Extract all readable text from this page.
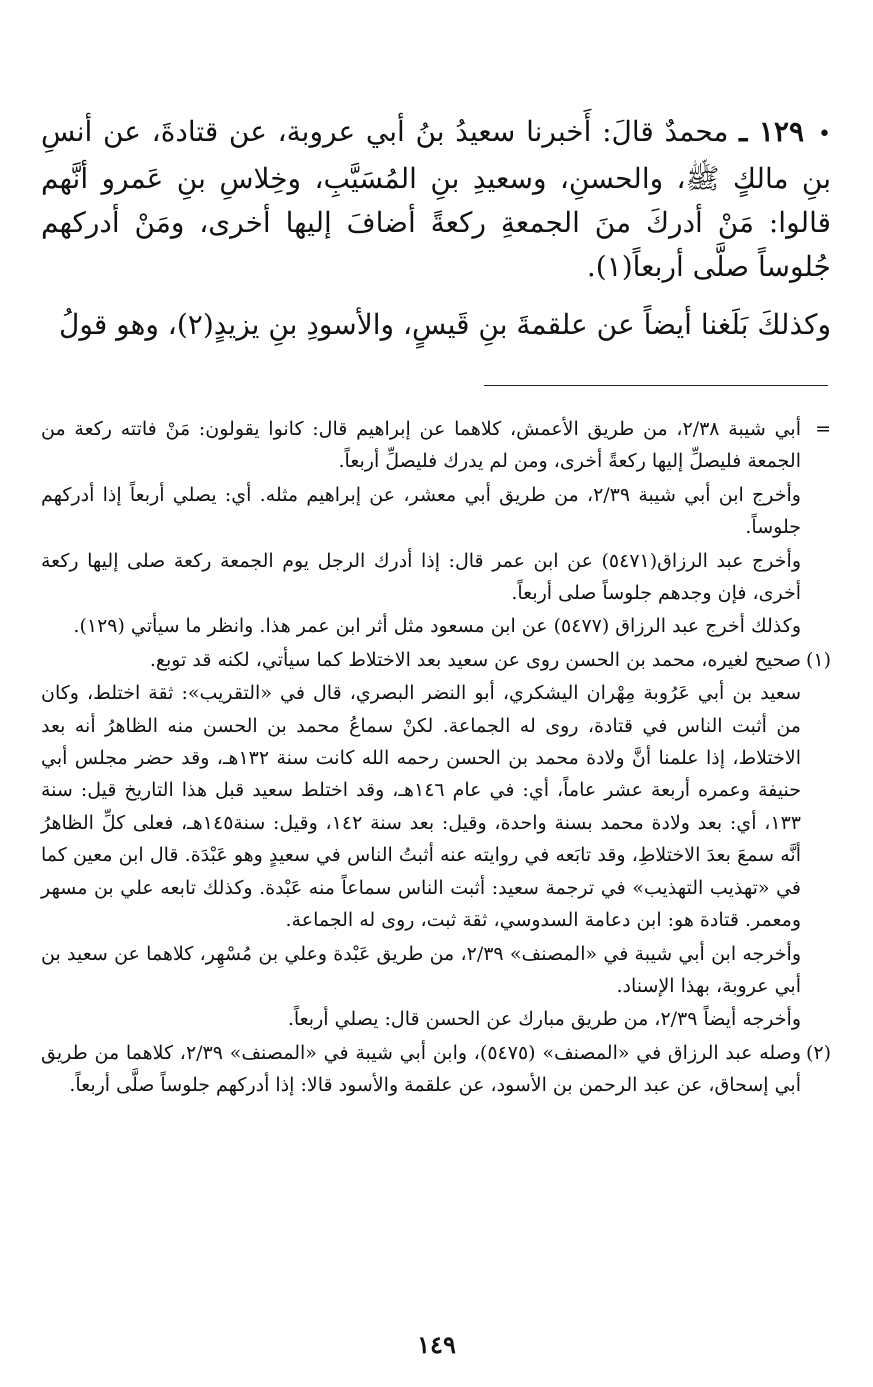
•١٢٩ ـ محمدٌ قالَ: أَخبرنا سعيدُ بنُ أبي عروبة، عن قتادةَ، عن أنسِ بنِ مالكٍ ﷺ، والحسنِ، وسعيدِ بنِ المُسَيَّبِ، وخِلاسِ بنِ عَمرو أنَّهم قالوا: مَنْ أدركَ منَ الجمعةِ ركعةً أضافَ إليها أخرى، ومَنْ أدركهم جُلوساً صلَّى أربعاً(١).

وكذلكَ بَلَغنا أيضاً عن علقمةَ بنِ قَيسٍ، والأسودِ بنِ يزيدٍ(٢)، وهو قولُ

=
أبي شيبة ٢/٣٨، من طريق الأعمش، كلاهما عن إبراهيم قال: كانوا يقولون: مَنْ فاتته ركعة من الجمعة فليصلِّ إليها ركعةً أخرى، ومن لم يدرك فليصلِّ أربعاً.

وأخرج ابن أبي شيبة ٢/٣٩، من طريق أبي معشر، عن إبراهيم مثله. أي: يصلي أربعاً إذا أدركهم جلوساً.

وأخرج عبد الرزاق(٥٤٧١) عن ابن عمر قال: إذا أدرك الرجل يوم الجمعة ركعة صلى إليها ركعة أخرى، فإن وجدهم جلوساً صلى أربعاً.

وكذلك أخرج عبد الرزاق (٥٤٧٧) عن ابن مسعود مثل أثر ابن عمر هذا. وانظر ما سيأتي (١٢٩).

(١)
صحيح لغيره، محمد بن الحسن روى عن سعيد بعد الاختلاط كما سيأتي، لكنه قد توبع.

سعيد بن أبي عَرُوبة مِهْران اليشكري، أبو النضر البصري، قال في «التقريب»: ثقة اختلط، وكان من أثبت الناس في قتادة، روى له الجماعة. لكنْ سماعُ محمد بن الحسن منه الظاهرُ أنه بعد الاختلاط، إذا علمنا أنَّ ولادة محمد بن الحسن رحمه الله كانت سنة ١٣٢هـ، وقد حضر مجلس أبي حنيفة وعمره أربعة عشر عاماً، أي: في عام ١٤٦هـ، وقد اختلط سعيد قبل هذا التاريخ قيل: سنة ١٣٣، أي: بعد ولادة محمد بسنة واحدة، وقيل: بعد سنة ١٤٢، وقيل: سنة١٤٥هـ، فعلى كلِّ الظاهرُ أنَّه سمعَ بعدَ الاختلاطِ، وقد تابَعه في روايته عنه أثبتُ الناس في سعيدٍ وهو عَبْدَة. قال ابن معين كما في «تهذيب التهذيب» في ترجمة سعيد: أثبت الناس سماعاً منه عَبْدة. وكذلك تابعه علي بن مسهر ومعمر. قتادة هو: ابن دعامة السدوسي، ثقة ثبت، روى له الجماعة.

وأخرجه ابن أبي شيبة في «المصنف» ٢/٣٩، من طريق عَبْدة وعلي بن مُسْهِر، كلاهما عن سعيد بن أبي عروبة، بهذا الإسناد.

وأخرجه أيضاً ٢/٣٩، من طريق مبارك عن الحسن قال: يصلي أربعاً.

(٢)
وصله عبد الرزاق في «المصنف» (٥٤٧٥)، وابن أبي شيبة في «المصنف» ٢/٣٩، كلاهما من طريق أبي إسحاق، عن عبد الرحمن بن الأسود، عن علقمة والأسود قالا: إذا أدركهم جلوساً صلَّى أربعاً.

١٤٩
